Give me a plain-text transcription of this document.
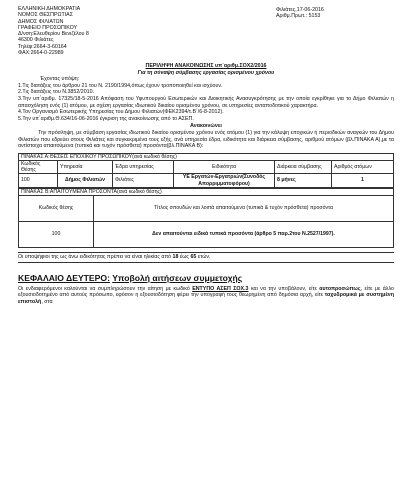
ΕΛΛΗΝΙΚΗ ΔΗΜΟΚΡΑΤΙΑ
ΝΟΜΟΣ ΘΕΣΠΡΩΤΙΑΣ
ΔΗΜΟΣ ΦΙΛΙΑΤΩΝ
ΓΡΑΦΕΙΟ ΠΡΟΣΩΠΙΚΟΥ
Δ/νση:Ελευθερίου Βενιζέλου 8
46300 Φιλιάτες
Τηλέφ:2664-3-60164
ΦΑΧ:2664-0-22989
Φιλιάτες,17-06-2016
Αριθμ.Πρωτ.: 5153
ΠΕΡΙΛΗΨΗ ΑΝΑΚΟΙΝΩΣΗΣ υπ΄αριθμ.ΣΟΧ2/2016
Για τη σύναψη σύμβασης εργασίας ορισμένου χρόνου
Έχοντας υπόψη:
1.Τις διατάξεις του άρθρου 21 του Ν. 2190/1994,όπως έχουν τροποποιηθεί και ισχύουν.
2.Τις διατάξεις του Ν.3852/2010.
3.Την υπ΄αριθμ. 17325/18-5-2016 Απόφαση του Υφυπουργού Εσωτερικών και Διοικητικής Ανασυγκρότησης με την οποία εγκρίθηκε για το Δήμο Φιλιατών η απασχόληση ενός (1) ατόμου, με σχέση εργασίας ιδιωτικού δικαίου ορισμένου χρόνου, σε υπηρεσίες ανταποδοτικού χαρακτήρα.
4.Τον Οργανισμό Εσωτερικής Υπηρεσίας του Δήμου Φιλιατών(ΦΕΚ2394/τ.Β΄/6-8-2012).
5.Την υπ΄αριθμ.Θ.634/16-06-2016 έγκριση της ανακοίνωσης από το ΑΣΕΠ.
Ανακοινώνει
Την πρόσληψη, με σύμβαση εργασίας ιδιωτικού δικαίου ορισμένου χρόνου ενός ατόμου (1) για την κάλυψη εποχικών ή περιοδικών αναγκών του Δήμου Φιλιατών που εδρεύει στους Φιλιάτες και συγκεκριμένα τους εξής, ανά υπηρεσία έδρα, ειδικότητα και διάρκεια σύμβασης, αριθμού ατόμων (βλ.ΠΙΝΑΚΑ Α),με τα αντίστοιχα απαιτούμενα (τυπικά και τυχόν πρόσθετα) προσόντα(βλ.ΠΙΝΑΚΑ Β):
ΠΙΝΑΚΑΣ Α:ΘΕΣΕΙΣ ΕΠΟΧΙΚΟΥ ΠΡΟΣΩΠΙΚΟΥ(ανά κωδικό θέσης)					
Κωδικός Θέσης	Υπηρεσία	Έδρα υπηρεσίας	Ειδικότητα	Διάρκεια σύμβασης	Αριθμός ατόμων
100	Δήμος Φιλιατών	Φιλιάτες	ΥΕ Εργατών-Εργατριών(Συνοδός Απορριμματοφόρου)	8 μήνες	1
ΠΙΝΑΚΑΣ Β:ΑΠΑΙΤΟΥΜΕΝΑ ΠΡΟΣΟΝΤΑ(ανά κωδικό θέσης)	
Κωδικός θέσης	Τίτλος σπουδών και λοιπά απαιτούμενα (τυπικά & τυχόν πρόσθετα) προσόντα
100	Δεν απαιτούνται ειδικά τυπικά προσόντα (άρθρο 5 παρ.2του Ν.2527/1997).
Οι υποψήφιοι της ως άνω ειδικότητας πρέπει να είναι ηλικίας από 18 έως 65 ετών.
ΚΕΦΑΛΑΙΟ ΔΕΥΤΕΡΟ: Υποβολή αιτήσεων συμμετοχής
Οι ενδιαφερόμενοι καλούνται να συμπληρώσουν την αίτηση με κωδικό ΕΝΤΥΠΟ ΑΣΕΠ ΣΟΧ.3 και να την υποβάλουν, είτε αυτοπροσώπως, είτε με άλλο εξουσιοδοτημένο από αυτούς πρόσωπο, εφόσον η εξουσιοδότηση φέρει την υπογραφή τους θεωρημένη από δημόσια αρχή, είτε ταχυδρομικά με συστημένη επιστολή, στα
